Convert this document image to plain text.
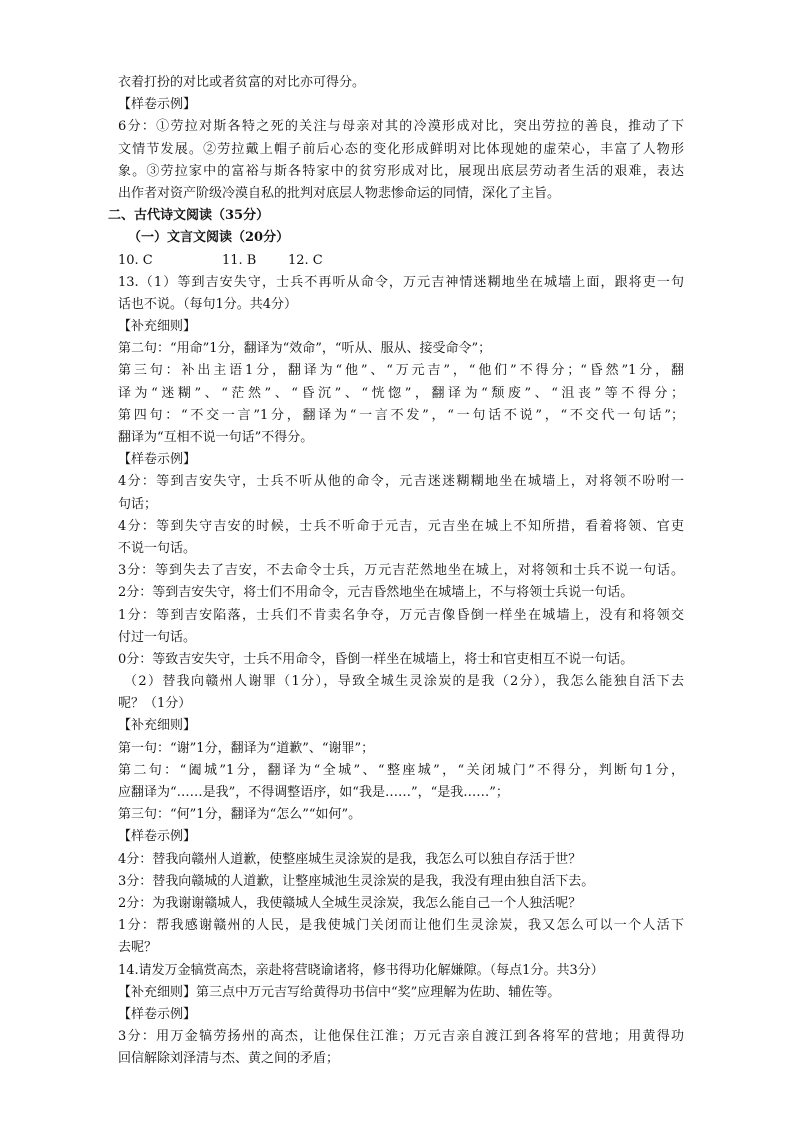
衣着打扮的对比或者贫富的对比亦可得分。
【样卷示例】
6分：①劳拉对斯各特之死的关注与母亲对其的冷漠形成对比，突出劳拉的善良，推动了下
文情节发展。②劳拉戴上帽子前后心态的变化形成鲜明对比体现她的虚荣心，丰富了人物形
象。③劳拉家中的富裕与斯各特家中的贫穷形成对比，展现出底层劳动者生活的艰难，表达
出作者对资产阶级冷漠自私的批判对底层人物悲惨命运的同情，深化了主旨。
二、古代诗文阅读（35分）
（一）文言文阅读（20分）
10. C	11. B 12. C
13.（1）等到吉安失守，士兵不再听从命令，万元吉神情迷糊地坐在城墙上面，跟将吏一句
话也不说。（每句1分。共4分）
【补充细则】
第二句：“用命”1分，翻译为“效命”，“听从、服从、接受命令”；
第三句：补出主语1分，翻译为“他”、“万元吉”，“他们”不得分；“昏然”1分，翻
译为“迷糊”、“茫然”、“昏沉”、“恍惚”，翻译为“颓废”、“沮丧”等不得分；
第四句：“不交一言”1分，翻译为“一言不发”，“一句话不说”，“不交代一句话”；
翻译为“互相不说一句话”不得分。
【样卷示例】
4分：等到吉安失守，士兵不听从他的命令，元吉迷迷糊糊地坐在城墙上，对将领不吩咐一
句话；
4分：等到失守吉安的时候，士兵不听命于元吉，元吉坐在城上不知所措，看着将领、官吏
不说一句话。
3分：等到失去了吉安，不去命令士兵，万元吉茫然地坐在城上，对将领和士兵不说一句话。
2分：等到吉安失守，将士们不用命令，元吉昏然地坐在城墙上，不与将领士兵说一句话。
1分：等到吉安陷落，士兵们不肯卖名争夺，万元吉像昏倒一样坐在城墙上，没有和将领交
付过一句话。
0分：等致吉安失守，士兵不用命令，昏倒一样坐在城墙上，将士和官吏相互不说一句话。
（2）替我向赣州人谢罪（1分），导致全城生灵涂炭的是我（2分），我怎么能独自活下去
呢？（1分）
【补充细则】
第一句：“谢”1分，翻译为“道歉”、“谢罪”；
第二句：“阖城”1分，翻译为“全城”、“整座城”，“关闭城门”不得分，判断句1分，
应翻译为“……是我”，不得调整语序，如“我是……”，“是我……”；
第三句：“何”1分，翻译为“怎么”“如何”。
【样卷示例】
4分：替我向赣州人道歉，使整座城生灵涂炭的是我，我怎么可以独自存活于世？
3分：替我向赣城的人道歉，让整座城池生灵涂炭的是我，我没有理由独自活下去。
2分：为我谢谢赣城人，我使赣城人全城生灵涂炭，我怎么能自己一个人独活呢？
1分：帮我感谢赣州的人民，是我使城门关闭而让他们生灵涂炭，我又怎么可以一个人活下
去呢？
14.请发万金犒赏高杰，亲赴将营晓谕诸将，修书得功化解嫌隙。（每点1分。共3分）
【补充细则】第三点中万元吉写给黄得功书信中“奖”应理解为佐助、辅佐等。
【样卷示例】
3分：用万金犒劳扬州的高杰，让他保住江淮；万元吉亲自渡江到各将军的营地；用黄得功
回信解除刘泽清与杰、黄之间的矛盾；
